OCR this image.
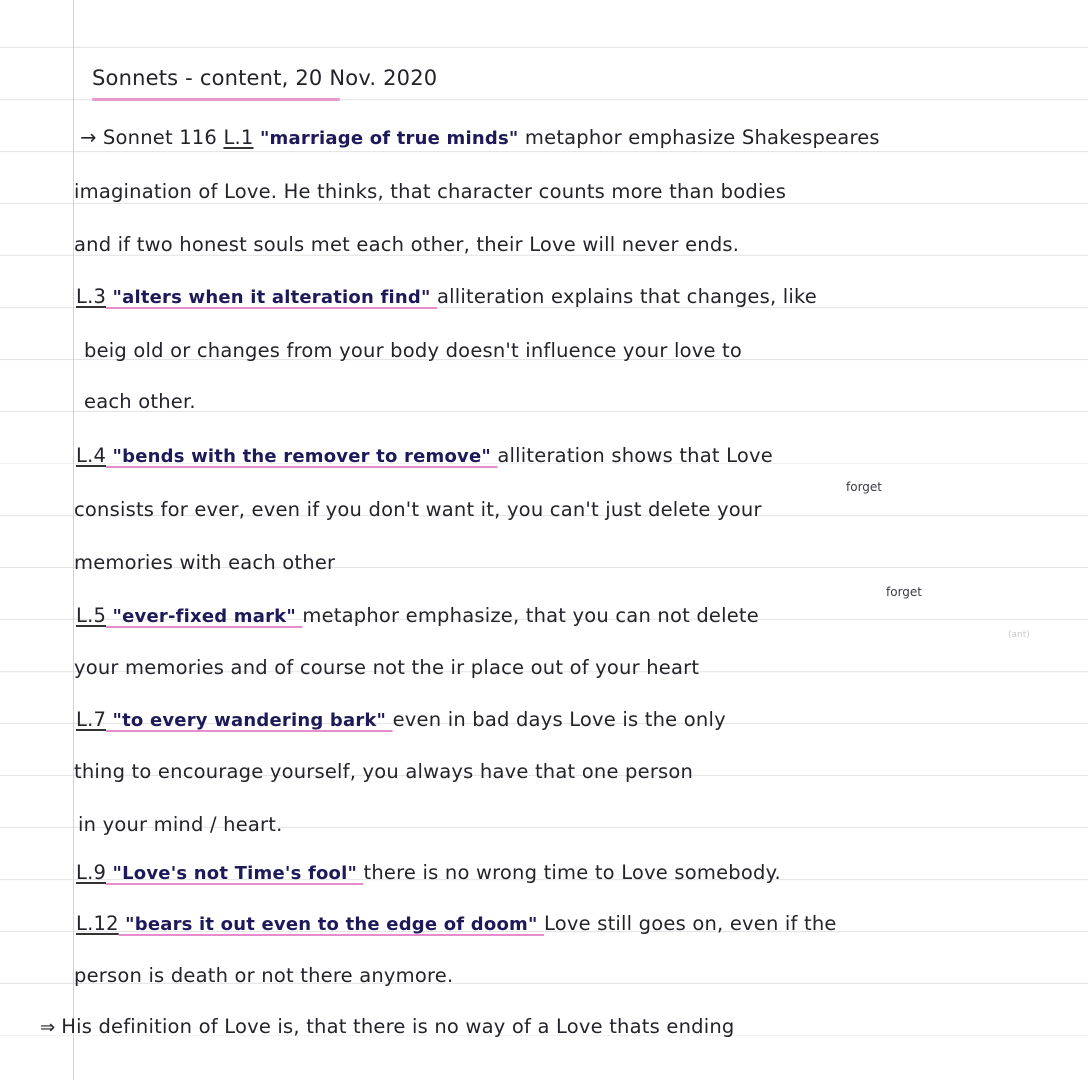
Sonnets - content, 20 Nov. 2020
→ Sonnet 116 L.1 "marriage of true minds" metaphor emphasize Shakespeares
imagination of Love. He thinks, that character counts more than bodies
and if two honest souls met each other, their Love will never ends.
L.3 "alters when it alteration find" alliteration explains that changes, like
beig old or changes from your body doesn't influence your love to
each other.
L.4 "bends with the remover to remove" alliteration shows that Love
forget
consists for ever, even if you don't want it, you can't just delete your
memories with each other
forget
L.5 "ever-fixed mark" metaphor emphasize, that you can not delete
(ant)
your memories and of course not the ir place out of your heart
L.7 "to every wandering bark" even in bad days Love is the only
thing to encourage yourself, you always have that one person
in your mind / heart.
L.9 "Love's not Time's fool" there is no wrong time to Love somebody.
L.12 "bears it out even to the edge of doom" Love still goes on, even if the
person is death or not there anymore.
⇒ His definition of Love is, that there is no way of a Love thats ending
